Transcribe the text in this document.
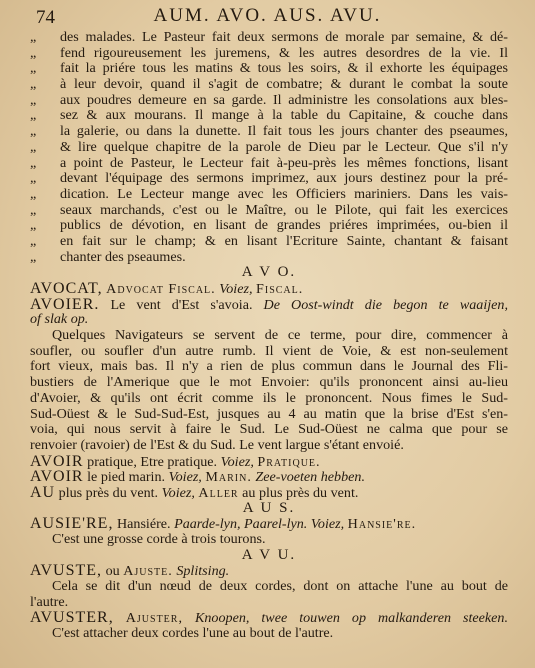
74	AUM. AVO. AUS. AVU.
„ des malades. Le Pasteur fait deux sermons de morale par semaine, & dé-
„ fend rigoureusement les juremens, & les autres desordres de la vie. Il
„ fait la priére tous les matins & tous les soirs, & il exhorte les équipages
„ à leur devoir, quand il s'agit de combatre; & durant le combat la soute
„ aux poudres demeure en sa garde. Il administre les consolations aux bles-
„ sez & aux mourans. Il mange à la table du Capitaine, & couche dans
„ la galerie, ou dans la dunette. Il fait tous les jours chanter des pseaumes,
„ & lire quelque chapitre de la parole de Dieu par le Lecteur. Que s'il n'y
„ a point de Pasteur, le Lecteur fait à-peu-près les mêmes fonctions, lisant
„ devant l'équipage des sermons imprimez, aux jours destinez pour la pré-
„ dication. Le Lecteur mange avec les Officiers mariniers. Dans les vais-
„ seaux marchands, c'est ou le Maître, ou le Pilote, qui fait les exercices
„ publics de dévotion, en lisant de grandes priéres imprimées, ou-bien il
„ en fait sur le champ; & en lisant l'Ecriture Sainte, chantant & faisant
„ chanter des pseaumes.
A V O.
AVOCAT, Advocat Fiscal. Voiez, Fiscal.
AVOIER. Le vent d'Est s'avoia. De Oost-windt die begon te waaijen,
of slak op.
Quelques Navigateurs se servent de ce terme, pour dire, commencer à
soufler, ou soufler d'un autre rumb. Il vient de Voie, & est non-seulement
fort vieux, mais bas. Il n'y a rien de plus commun dans le Journal des Fli-
bustiers de l'Amerique que le mot Envoier: qu'ils prononcent ainsi au-lieu
d'Avoier, & qu'ils ont écrit comme ils le prononcent. Nous fimes le Sud-
Sud-Oüest & le Sud-Sud-Est, jusques au 4 au matin que la brise d'Est s'en-
voia, qui nous servit à faire le Sud. Le Sud-Oüest ne calma que pour se
renvoier (ravoier) de l'Est & du Sud. Le vent largue s'étant envoié.
AVOIR pratique, Etre pratique. Voiez, Pratique.
AVOIR le pied marin. Voiez, Marin. Zee-voeten hebben.
AU plus près du vent. Voiez, Aller au plus près du vent.
A U S.
AUSIE'RE, Hansiére. Paarde-lyn, Paarel-lyn. Voiez, Hansie're.
C'est une grosse corde à trois tourons.
A V U.
AVUSTE, ou Ajuste. Splitsing.
Cela se dit d'un nœud de deux cordes, dont on attache l'une au bout de
l'autre.
AVUSTER, Ajuster, Knoopen, twee touwen op malkanderen steeken.
C'est attacher deux cordes l'une au bout de l'autre.
